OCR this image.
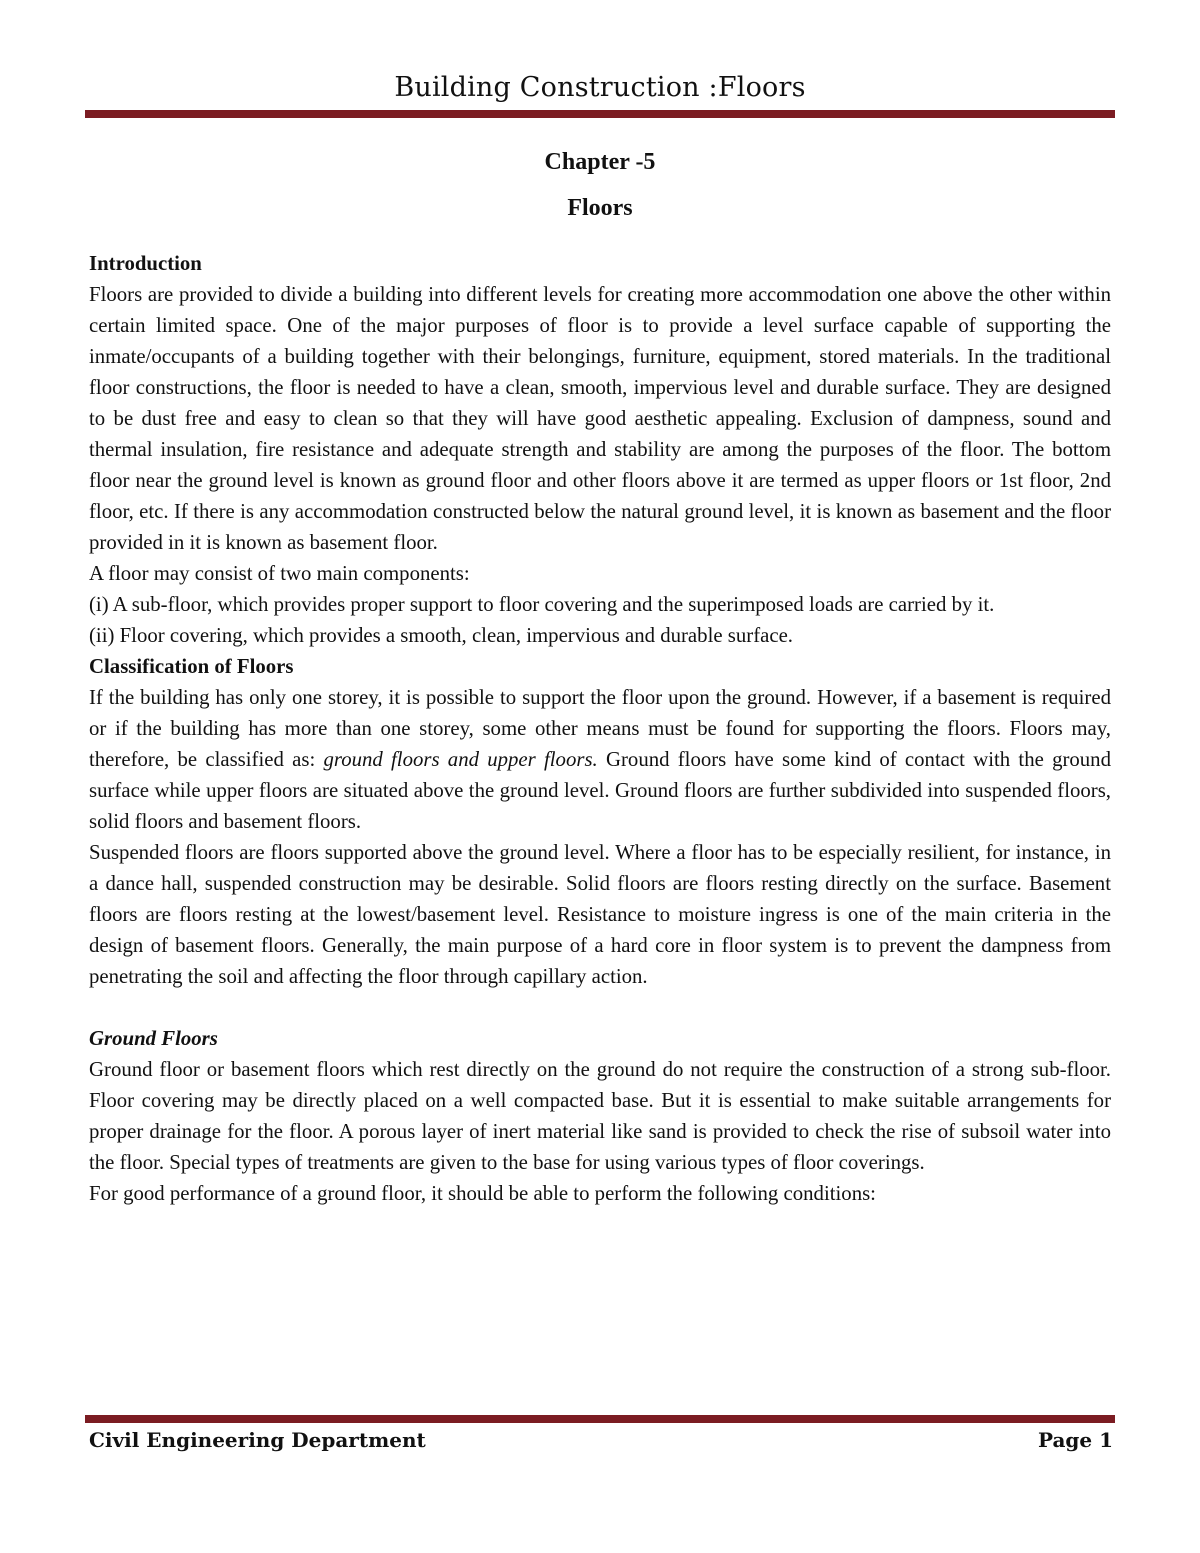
Building Construction :Floors
Chapter -5
Floors
Introduction

Floors are provided to divide a building into different levels for creating more accommodation one above the other within certain limited space. One of the major purposes of floor is to provide a level surface capable of supporting the inmate/occupants of a building together with their belongings, furniture, equipment, stored materials. In the traditional floor constructions, the floor is needed to have a clean, smooth, impervious level and durable surface. They are designed to be dust free and easy to clean so that they will have good aesthetic appealing. Exclusion of dampness, sound and thermal insulation, fire resistance and adequate strength and stability are among the purposes of the floor. The bottom floor near the ground level is known as ground floor and other floors above it are termed as upper floors or 1st floor, 2nd floor, etc. If there is any accommodation constructed below the natural ground level, it is known as basement and the floor provided in it is known as basement floor.

A floor may consist of two main components:

(i) A sub-floor, which provides proper support to floor covering and the superimposed loads are carried by it.

(ii) Floor covering, which provides a smooth, clean, impervious and durable surface.

Classification of Floors

If the building has only one storey, it is possible to support the floor upon the ground. However, if a basement is required or if the building has more than one storey, some other means must be found for supporting the floors. Floors may, therefore, be classified as: ground floors and upper floors. Ground floors have some kind of contact with the ground surface while upper floors are situated above the ground level. Ground floors are further subdivided into suspended floors, solid floors and basement floors.

Suspended floors are floors supported above the ground level. Where a floor has to be especially resilient, for instance, in a dance hall, suspended construction may be desirable. Solid floors are floors resting directly on the surface. Basement floors are floors resting at the lowest/basement level. Resistance to moisture ingress is one of the main criteria in the design of basement floors. Generally, the main purpose of a hard core in floor system is to prevent the dampness from penetrating the soil and affecting the floor through capillary action.

Ground Floors

Ground floor or basement floors which rest directly on the ground do not require the construction of a strong sub-floor. Floor covering may be directly placed on a well compacted base. But it is essential to make suitable arrangements for proper drainage for the floor. A porous layer of inert material like sand is provided to check the rise of subsoil water into the floor. Special types of treatments are given to the base for using various types of floor coverings.

For good performance of a ground floor, it should be able to perform the following conditions:

Civil Engineering Department	Page 1
